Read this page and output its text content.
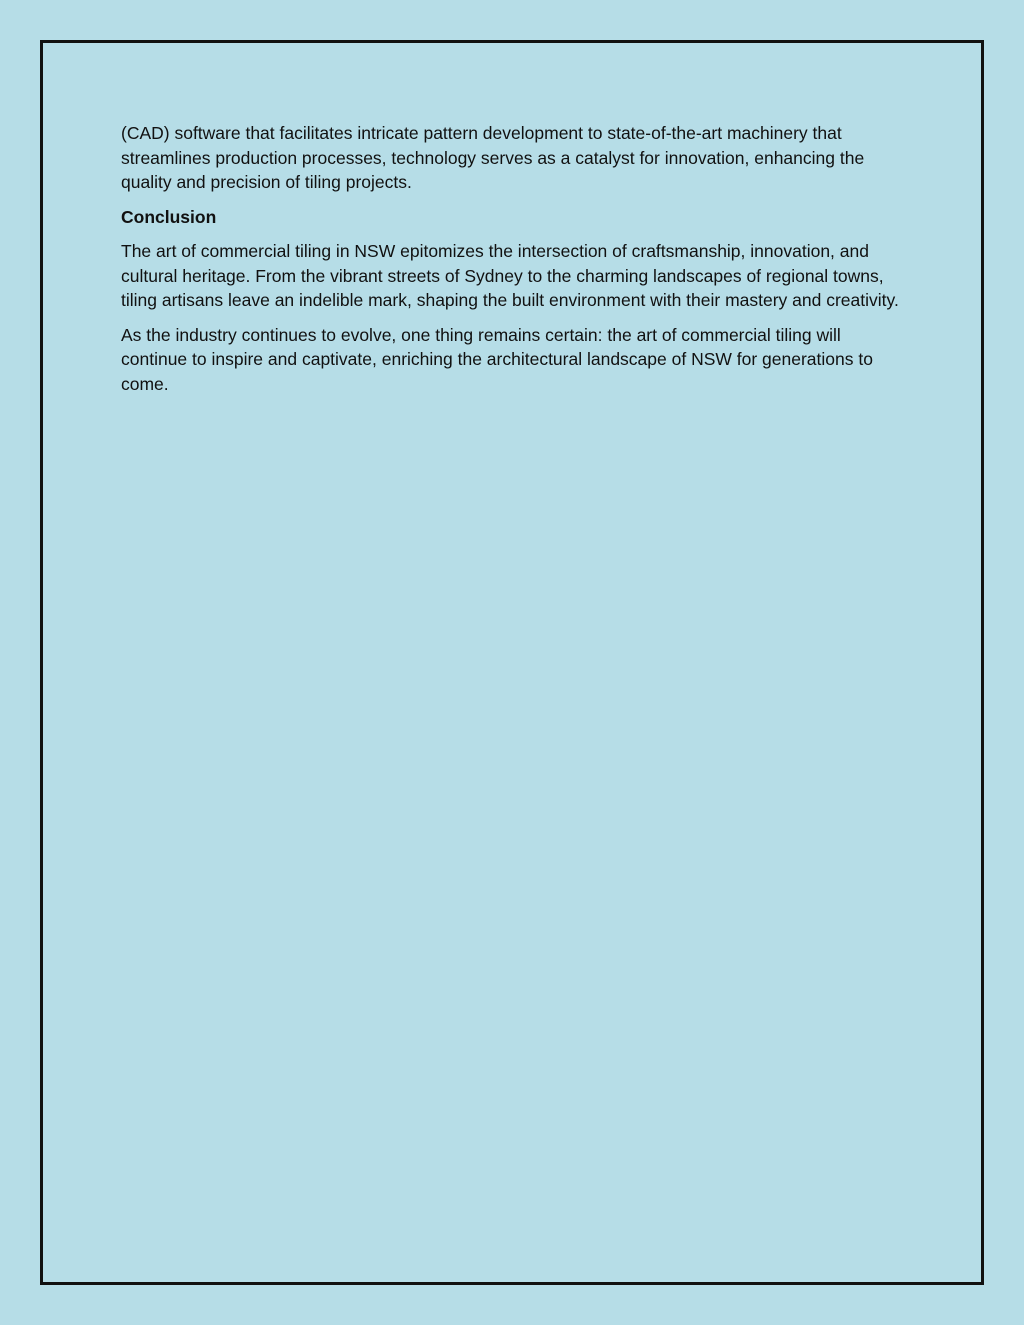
(CAD) software that facilitates intricate pattern development to state-of-the-art machinery that streamlines production processes, technology serves as a catalyst for innovation, enhancing the quality and precision of tiling projects.

Conclusion

The art of commercial tiling in NSW epitomizes the intersection of craftsmanship, innovation, and cultural heritage. From the vibrant streets of Sydney to the charming landscapes of regional towns, tiling artisans leave an indelible mark, shaping the built environment with their mastery and creativity.

As the industry continues to evolve, one thing remains certain: the art of commercial tiling will continue to inspire and captivate, enriching the architectural landscape of NSW for generations to come.
